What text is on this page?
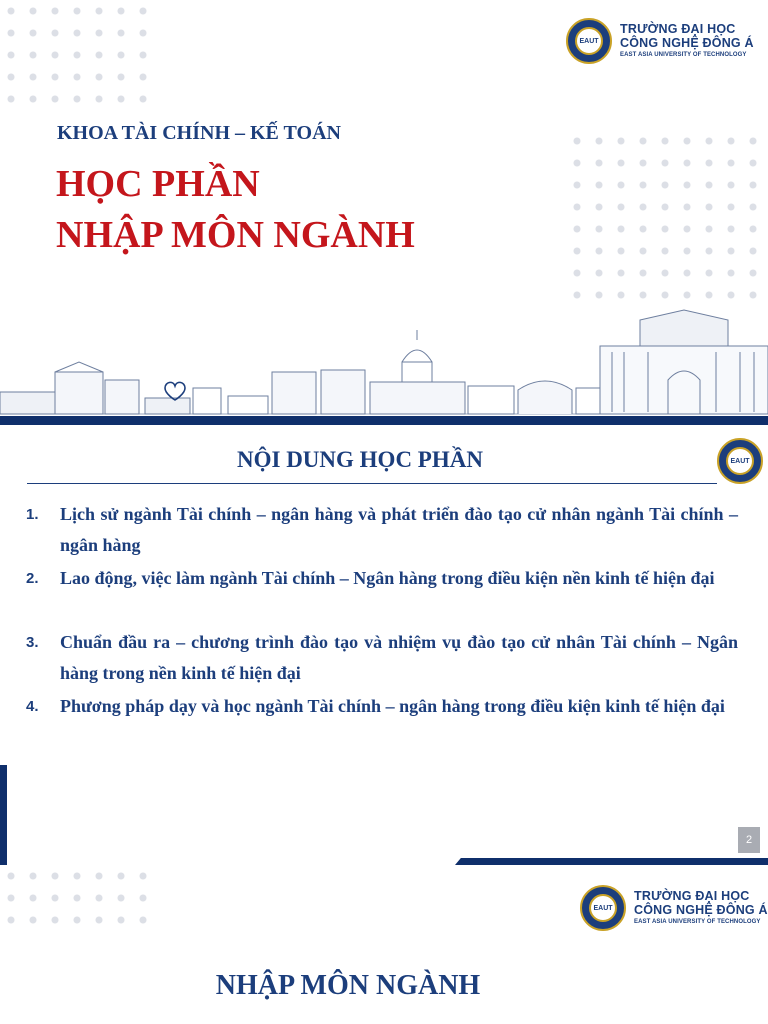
EAUT
TRƯỜNG ĐẠI HỌC
CÔNG NGHỆ ĐÔNG Á
EAST ASIA UNIVERSITY OF TECHNOLOGY
KHOA TÀI CHÍNH – KẾ TOÁN
HỌC PHẦN
NHẬP MÔN NGÀNH
NỘI DUNG HỌC PHẦN	EAUT
1.	Lịch sử ngành Tài chính – ngân hàng và phát triển đào tạo cử nhân ngành Tài chính – ngân hàng
2.	Lao động, việc làm ngành Tài chính – Ngân hàng trong điều kiện nền kinh tế hiện đại
3.	Chuẩn đầu ra – chương trình đào tạo và nhiệm vụ đào tạo cử nhân Tài chính – Ngân hàng trong nền kinh tế hiện đại
4.	Phương pháp dạy và học ngành Tài chính – ngân hàng trong điều kiện kinh tế hiện đại
2
EAUT
TRƯỜNG ĐẠI HỌC
CÔNG NGHỆ ĐÔNG Á
EAST ASIA UNIVERSITY OF TECHNOLOGY
NHẬP MÔN NGÀNH
